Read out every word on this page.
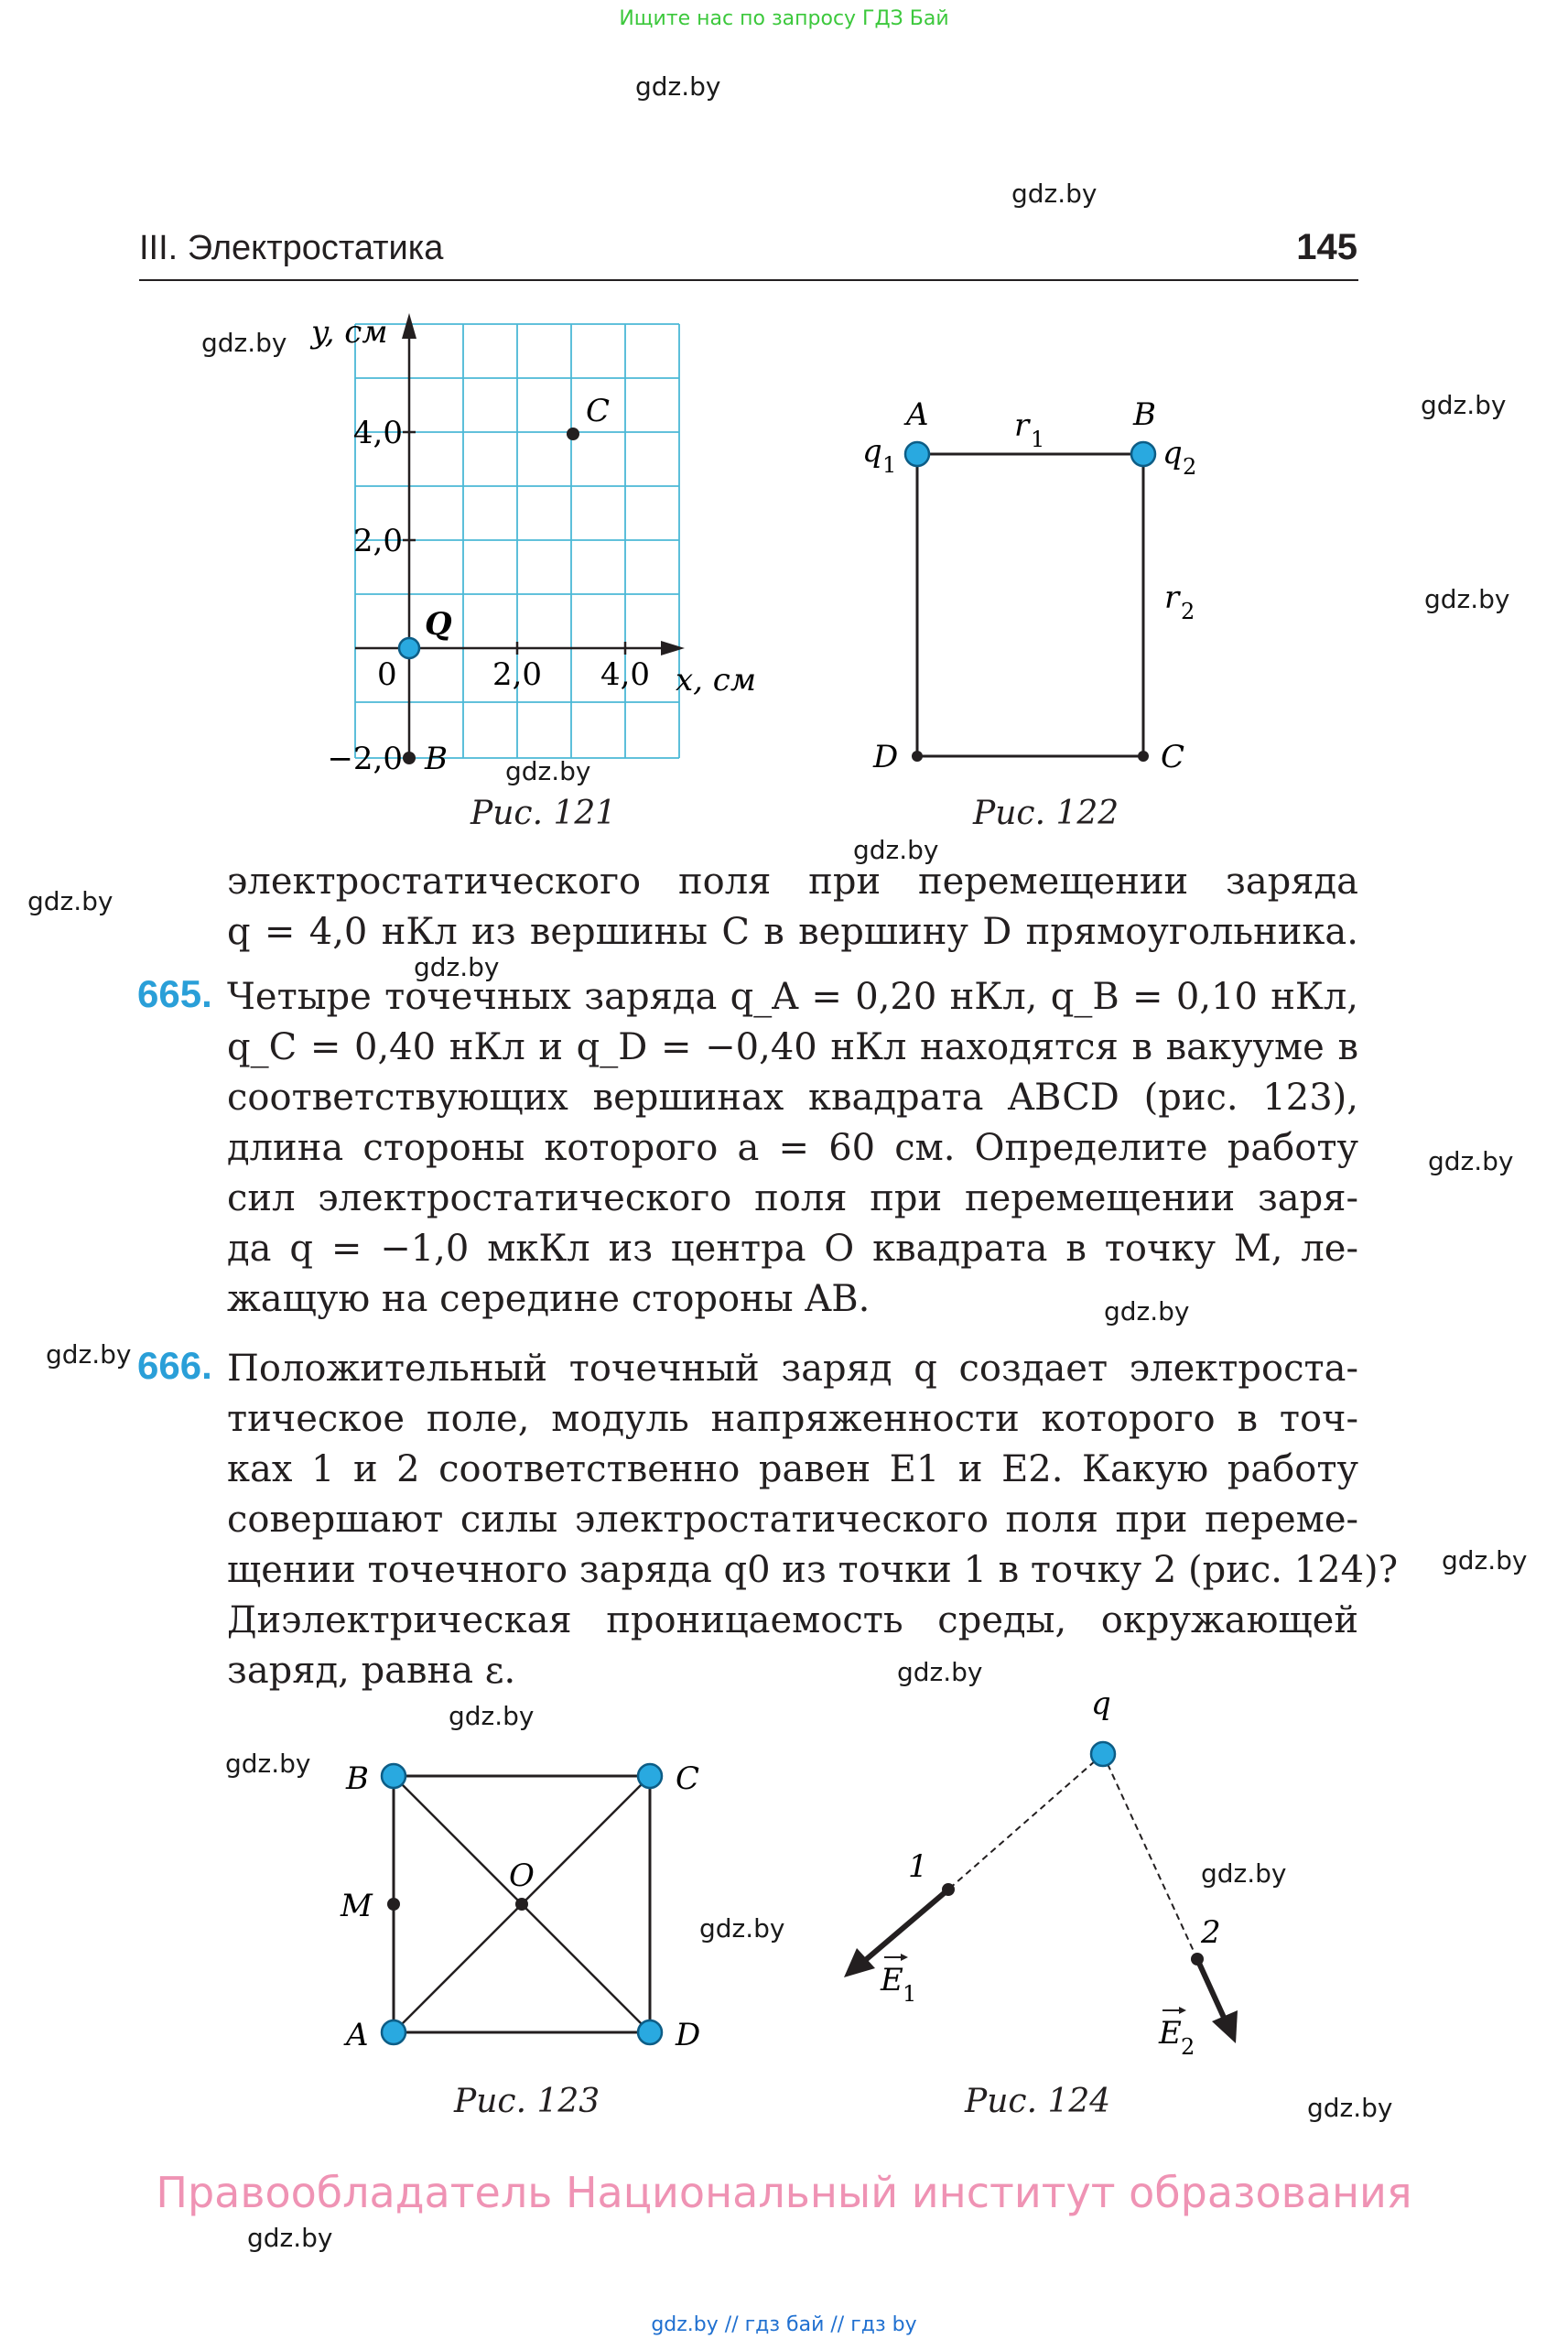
Ищите нас по запросу ГДЗ Бай
gdz.by
gdz.by
gdz.by
gdz.by
gdz.by
gdz.by
gdz.by
gdz.by
gdz.by
gdz.by
gdz.by
gdz.by
gdz.by
gdz.by
gdz.by
gdz.by
gdz.by
gdz.by
gdz.by
gdz.by
III. Электростатика	145
y, см
C
Q
B
4,0
2,0
−2,0
0	2,0 4,0 x, см
Рис. 121
A	B
C
D
q 1	q 2
r 1
r 2
Рис. 122
электростатического поля при перемещении заряда
q = 4,0 нКл из вершины C в вершину D прямоугольника.
665. Четыре точечных заряда q_A = 0,20 нКл, q_B = 0,10 нКл,
q_C = 0,40 нКл и q_D = −0,40 нКл находятся в вакууме в
соответствующих вершинах квадрата ABCD (рис. 123),
длина стороны которого a = 60 см. Определите работу
сил электростатического поля при перемещении заря-
да q = −1,0 мкКл из центра O квадрата в точку M, ле-
жащую на середине стороны AB.
666. Положительный точечный заряд q создает электроста-
тическое поле, модуль напряженности которого в точ-
ках 1 и 2 соответственно равен E1 и E2. Какую работу
совершают силы электростатического поля при переме-
щении точечного заряда q0 из точки 1 в точку 2 (рис. 124)?
Диэлектрическая проницаемость среды, окружающей
заряд, равна ε.
B	C
A	D
O
M
Рис. 123
q
1
2
E 1
E 2
Рис. 124
Правообладатель Национальный институт образования
gdz.by // гдз бай // гдз by
